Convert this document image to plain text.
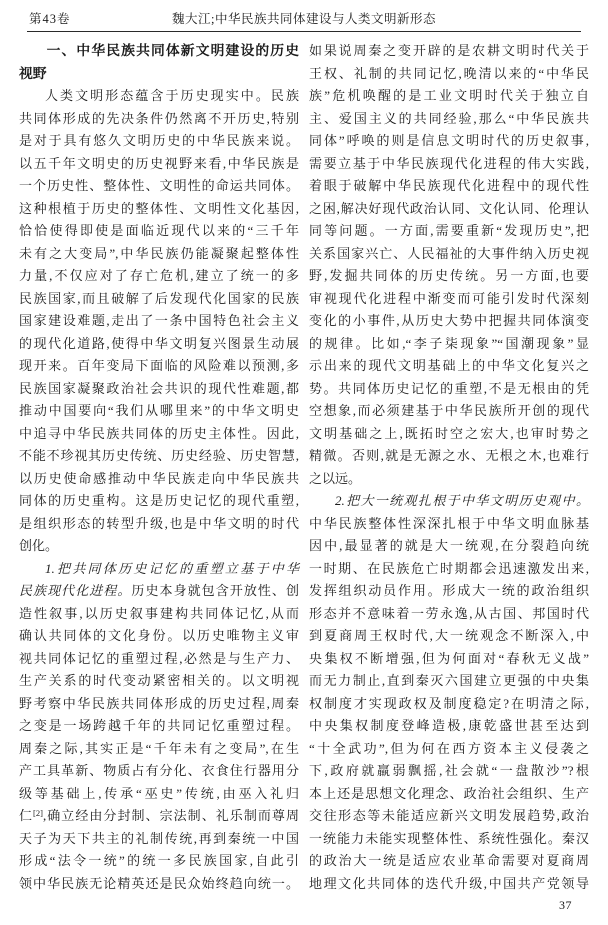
第43卷	魏大江;中华民族共同体建设与人类文明新形态
一、中华民族共同体新文明建设的历史
视野
人类文明形态蕴含于历史现实中。民族
共同体形成的先决条件仍然离不开历史,特别
是对于具有悠久文明历史的中华民族来说。
以五千年文明史的历史视野来看,中华民族是
一个历史性、整体性、文明性的命运共同体。
这种根植于历史的整体性、文明性文化基因,
恰恰使得即使是面临近现代以来的“三千年
未有之大变局”,中华民族仍能凝聚起整体性
力量,不仅应对了存亡危机,建立了统一的多
民族国家,而且破解了后发现代化国家的民族
国家建设难题,走出了一条中国特色社会主义
的现代化道路,使得中华文明复兴图景生动展
现开来。百年变局下面临的风险难以预测,多
民族国家凝聚政治社会共识的现代性难题,都
推动中国要向“我们从哪里来”的中华文明史
中追寻中华民族共同体的历史主体性。因此,
不能不珍视其历史传统、历史经验、历史智慧,
以历史使命感推动中华民族走向中华民族共
同体的历史重构。这是历史记忆的现代重塑,
是组织形态的转型升级,也是中华文明的时代
创化。
1.把共同体历史记忆的重塑立基于中华
民族现代化进程。历史本身就包含开放性、创
造性叙事,以历史叙事建构共同体记忆,从而
确认共同体的文化身份。以历史唯物主义审
视共同体记忆的重塑过程,必然是与生产力、
生产关系的时代变动紧密相关的。以文明视
野考察中华民族共同体形成的历史过程,周秦
之变是一场跨越千年的共同记忆重塑过程。
周秦之际,其实正是“千年未有之变局”,在生
产工具革新、物质占有分化、衣食住行器用分
级等基础上,传承“巫史”传统,由巫入礼归
仁[2],确立经由分封制、宗法制、礼乐制而尊周
天子为天下共主的礼制传统,再到秦统一中国
形成“法令一统”的统一多民族国家,自此引
领中华民族无论精英还是民众始终趋向统一。
如果说周秦之变开辟的是农耕文明时代关于
王权、礼制的共同记忆,晚清以来的“中华民
族”危机唤醒的是工业文明时代关于独立自
主、爱国主义的共同经验,那么“中华民族共
同体”呼唤的则是信息文明时代的历史叙事,
需要立基于中华民族现代化进程的伟大实践,
着眼于破解中华民族现代化进程中的现代性
之困,解决好现代政治认同、文化认同、伦理认
同等问题。一方面,需要重新“发现历史”,把
关系国家兴亡、人民福祉的大事件纳入历史视
野,发掘共同体的历史传统。另一方面,也要
审视现代化进程中渐变而可能引发时代深刻
变化的小事件,从历史大势中把握共同体演变
的规律。比如,“李子柒现象”“国潮现象”显
示出来的现代文明基础上的中华文化复兴之
势。共同体历史记忆的重塑,不是无根由的凭
空想象,而必须建基于中华民族所开创的现代
文明基础之上,既拓时空之宏大,也审时势之
精微。否则,就是无源之水、无根之木,也难行
之以远。
2.把大一统观扎根于中华文明历史观中。
中华民族整体性深深扎根于中华文明血脉基
因中,最显著的就是大一统观,在分裂趋向统
一时期、在民族危亡时期都会迅速激发出来,
发挥组织动员作用。形成大一统的政治组织
形态并不意味着一劳永逸,从古国、邦国时代
到夏商周王权时代,大一统观念不断深入,中
央集权不断增强,但为何面对“春秋无义战”
而无力制止,直到秦灭六国建立更强的中央集
权制度才实现政权及制度稳定?在明清之际,
中央集权制度登峰造极,康乾盛世甚至达到
“十全武功”,但为何在西方资本主义侵袭之
下,政府就羸弱飘摇,社会就“一盘散沙”?根
本上还是思想文化理念、政治社会组织、生产
交往形态等未能适应新兴文明发展趋势,政治
一统能力未能实现整体性、系统性强化。秦汉
的政治大一统是适应农业革命需要对夏商周
地理文化共同体的迭代升级,中国共产党领导
37
